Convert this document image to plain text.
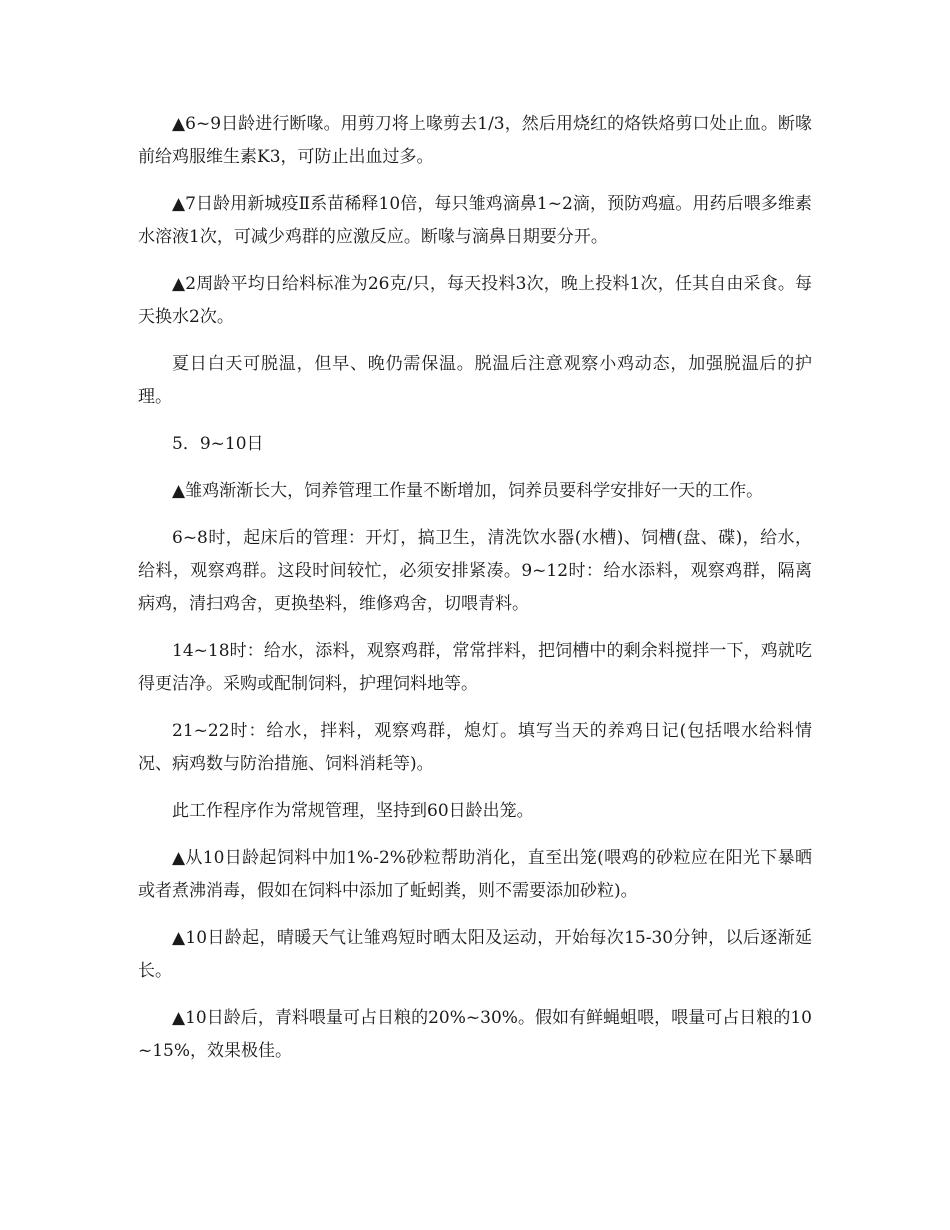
▲6~9日龄进行断喙。用剪刀将上喙剪去1/3，然后用烧红的烙铁烙剪口处止血。断喙前给鸡服维生素K3，可防止出血过多。

▲7日龄用新城疫Ⅱ系苗稀释10倍，每只雏鸡滴鼻1~2滴，预防鸡瘟。用药后喂多维素水溶液1次，可减少鸡群的应激反应。断喙与滴鼻日期要分开。

▲2周龄平均日给料标准为26克/只，每天投料3次，晚上投料1次，任其自由采食。每天换水2次。

夏日白天可脱温，但早、晚仍需保温。脱温后注意观察小鸡动态，加强脱温后的护理。

5．9~10日

▲雏鸡渐渐长大，饲养管理工作量不断增加，饲养员要科学安排好一天的工作。

6~8时，起床后的管理：开灯，搞卫生，清洗饮水器(水槽)、饲槽(盘、碟)，给水，给料，观察鸡群。这段时间较忙，必须安排紧凑。9~12时：给水添料，观察鸡群，隔离病鸡，清扫鸡舍，更换垫料，维修鸡舍，切喂青料。

14~18时：给水，添料，观察鸡群，常常拌料，把饲槽中的剩余料搅拌一下，鸡就吃得更洁净。采购或配制饲料，护理饲料地等。

21~22时：给水，拌料，观察鸡群，熄灯。填写当天的养鸡日记(包括喂水给料情况、病鸡数与防治措施、饲料消耗等)。

此工作程序作为常规管理，坚持到60日龄出笼。

▲从10日龄起饲料中加1%-2%砂粒帮助消化，直至出笼(喂鸡的砂粒应在阳光下暴晒或者煮沸消毒，假如在饲料中添加了蚯蚓粪，则不需要添加砂粒)。

▲10日龄起，晴暖天气让雏鸡短时晒太阳及运动，开始每次15-30分钟，以后逐渐延长。

▲10日龄后，青料喂量可占日粮的20%~30%。假如有鲜蝇蛆喂，喂量可占日粮的10~15%，效果极佳。
